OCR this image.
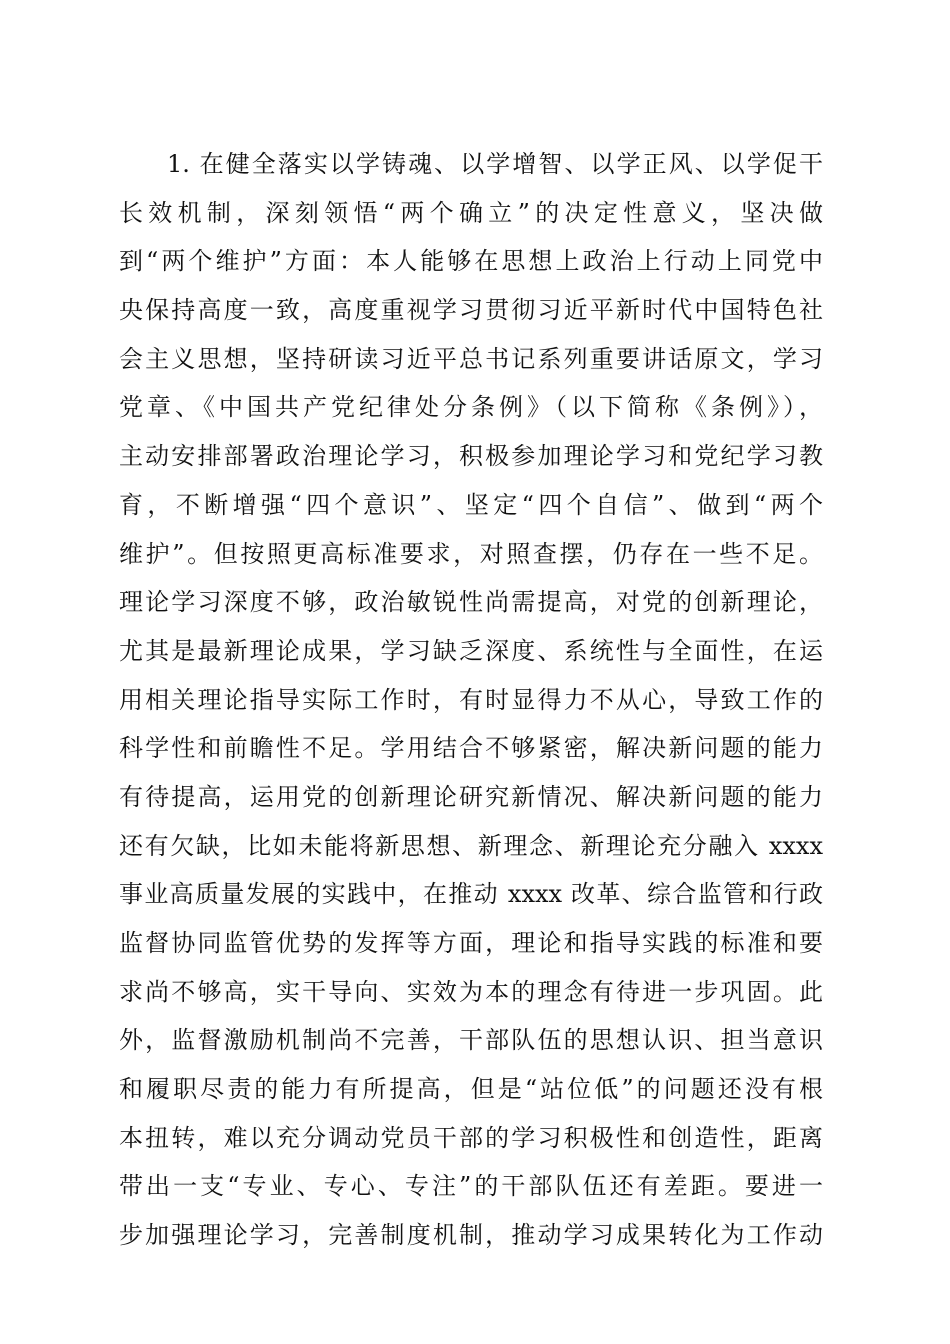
1. 在健全落实以学铸魂、以学增智、以学正风、以学促干
长效机制，深刻领悟“两个确立”的决定性意义，坚决做
到“两个维护”方面：本人能够在思想上政治上行动上同党中
央保持高度一致，高度重视学习贯彻习近平新时代中国特色社
会主义思想，坚持研读习近平总书记系列重要讲话原文，学习
党章、《中国共产党纪律处分条例》（以下简称《条例》），
主动安排部署政治理论学习，积极参加理论学习和党纪学习教
育，不断增强“四个意识”、坚定“四个自信”、做到“两个
维护”。但按照更高标准要求，对照查摆，仍存在一些不足。
理论学习深度不够，政治敏锐性尚需提高，对党的创新理论，
尤其是最新理论成果，学习缺乏深度、系统性与全面性，在运
用相关理论指导实际工作时，有时显得力不从心，导致工作的
科学性和前瞻性不足。学用结合不够紧密，解决新问题的能力
有待提高，运用党的创新理论研究新情况、解决新问题的能力
还有欠缺，比如未能将新思想、新理念、新理论充分融入 xxxx
事业高质量发展的实践中，在推动 xxxx 改革、综合监管和行政
监督协同监管优势的发挥等方面，理论和指导实践的标准和要
求尚不够高，实干导向、实效为本的理念有待进一步巩固。此
外，监督激励机制尚不完善，干部队伍的思想认识、担当意识
和履职尽责的能力有所提高，但是“站位低”的问题还没有根
本扭转，难以充分调动党员干部的学习积极性和创造性，距离
带出一支“专业、专心、专注”的干部队伍还有差距。要进一
步加强理论学习，完善制度机制，推动学习成果转化为工作动
